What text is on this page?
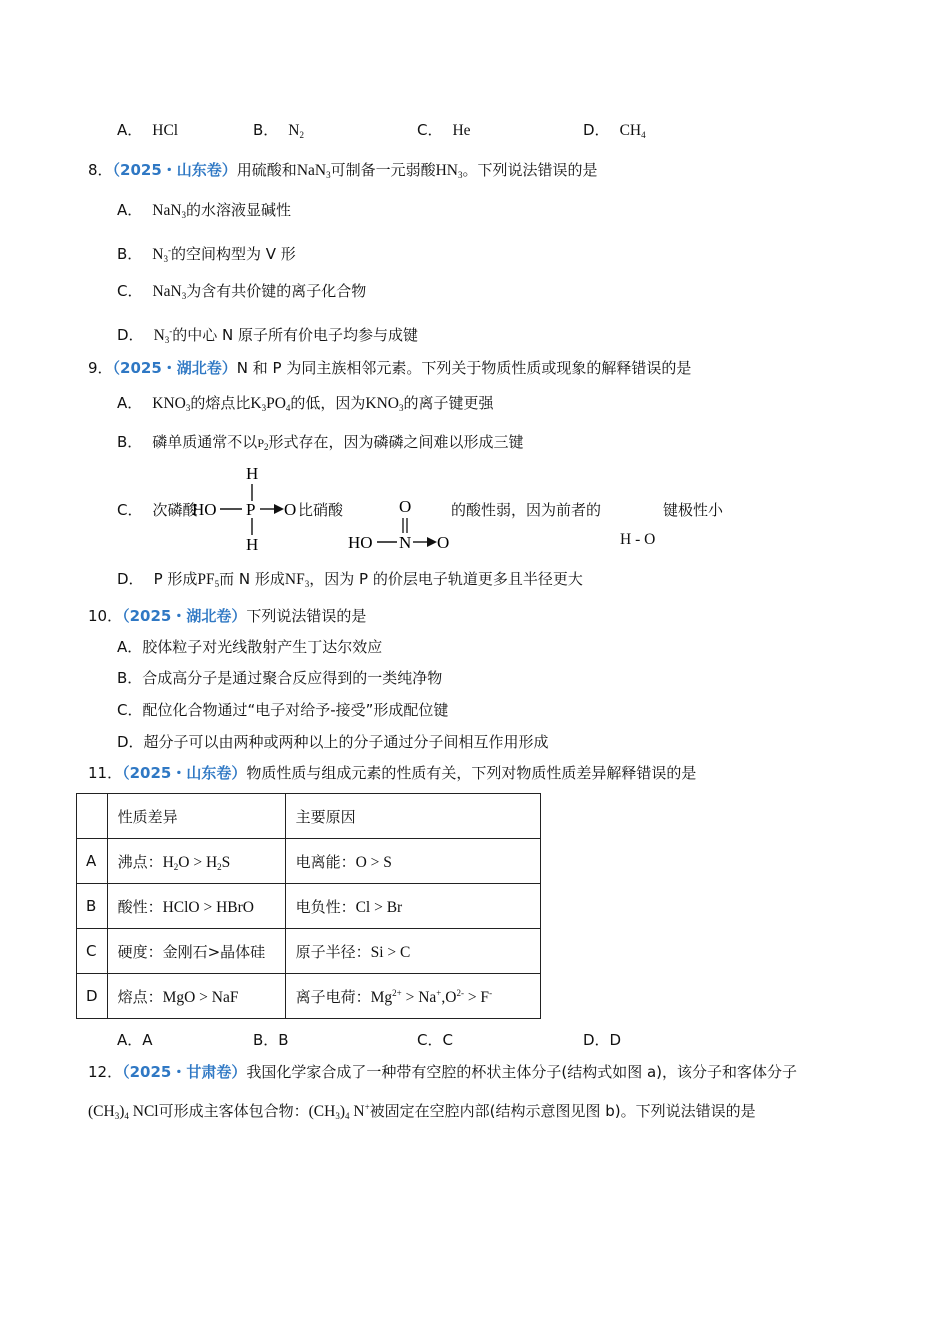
A． HCl	B． $N_2$	C． He	D． $CH_4$
8．（2025・山东卷）用硫酸和NaN$_3$可制备一元弱酸$HN_3$。下列说法错误的是
A． NaN$_3$的水溶液显碱性
B． $N_3^-$的空间构型为 V 形
C． NaN$_3$为含有共价键的离子化合物
D． $N_3^-$的中心 N 原子所有价电子均参与成键
9．（2025・湖北卷）N 和 P 为同主族相邻元素。下列关于物质性质或现象的解释错误的是
A． $KNO_3$的熔点比$K_3PO_4$的低，因为$KNO_3$的离子键更强
B． 磷单质通常不以$P_2$形式存在，因为磷磷之间难以形成三键
C． 次磷酸
H
HO P O
H
比硝酸	O
HO N O
的酸性弱，因为前者的	键极性小
H - O
D． P 形成$PF_5$而 N 形成$NF_3$，因为 P 的价层电子轨道更多且半径更大
10．（2025・湖北卷）下列说法错误的是
A．胶体粒子对光线散射产生丁达尔效应
B．合成高分子是通过聚合反应得到的一类纯净物
C．配位化合物通过“电子对给予-接受”形成配位键
D．超分子可以由两种或两种以上的分子通过分子间相互作用形成
11．（2025・山东卷）物质性质与组成元素的性质有关，下列对物质性质差异解释错误的是
	性质差异	主要原因
A	沸点：$H_2O > H_2S$	电离能：O > S
B	酸性：HClO > HBrO	电负性：Cl > Br
C	硬度：金刚石>晶体硅	原子半径：Si > C
D	熔点：MgO > NaF	离子电荷：$Mg^{2+} > Na^+,O^{2-} > F^-$
A．A	B．B	C．C	D．D
12．（2025・甘肃卷）我国化学家合成了一种带有空腔的杯状主体分子(结构式如图 a)，该分子和客体分子
$(CH_3)_4$ NCl可形成主客体包合物：$(CH_3)_4$ N+被固定在空腔内部(结构示意图见图 b)。下列说法错误的是
